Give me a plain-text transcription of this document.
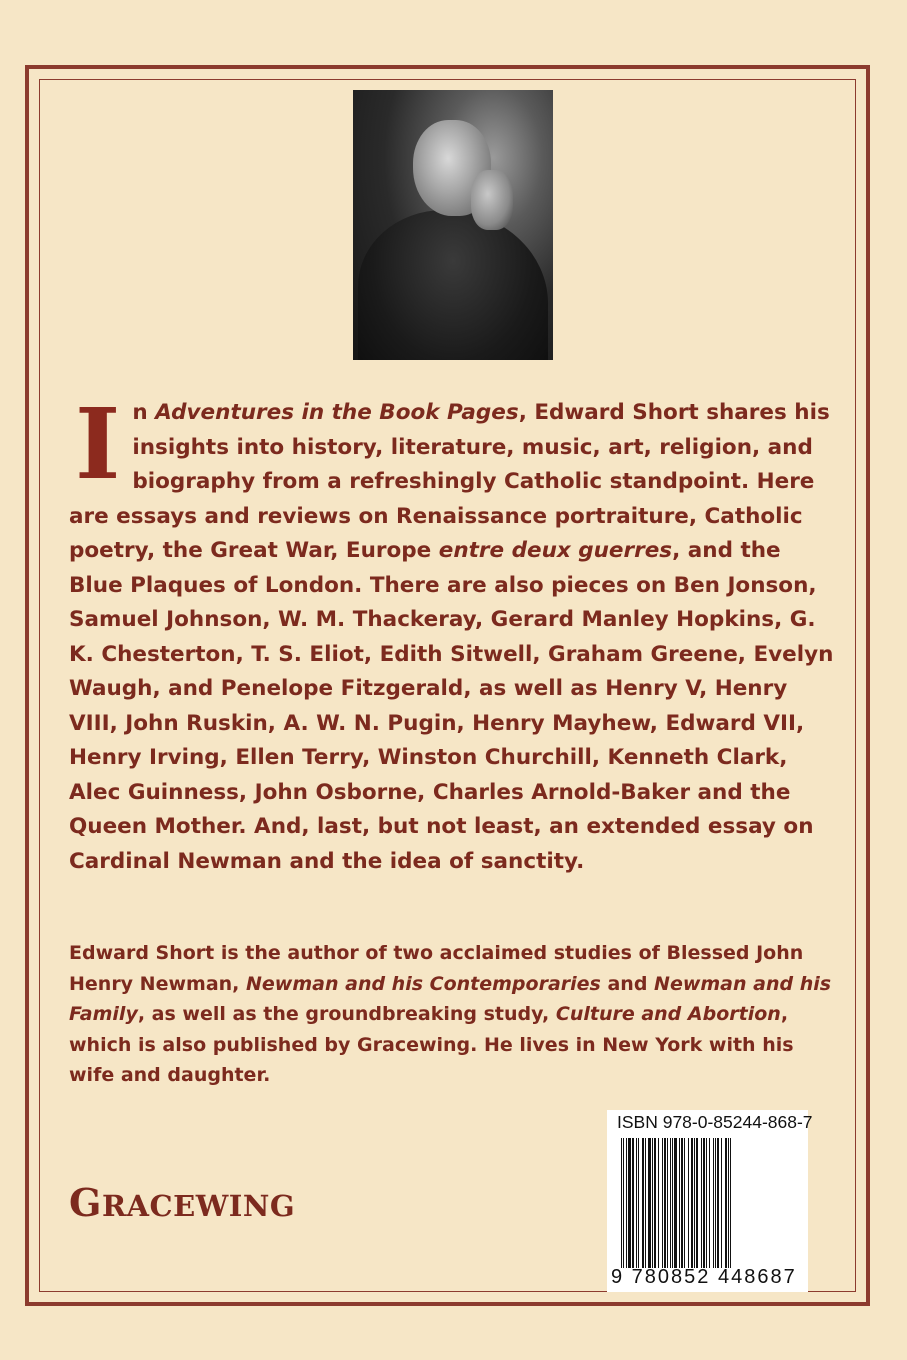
In Adventures in the Book Pages, Edward Short shares his insights into history, literature, music, art, religion, and biography from a refreshingly Catholic standpoint. Here are essays and reviews on Renaissance portraiture, Catholic poetry, the Great War, Europe entre deux guerres, and the Blue Plaques of London. There are also pieces on Ben Jonson, Samuel Johnson, W. M. Thackeray, Gerard Manley Hopkins, G. K. Chesterton, T. S. Eliot, Edith Sitwell, Graham Greene, Evelyn Waugh, and Penelope Fitzgerald, as well as Henry V, Henry VIII, John Ruskin, A. W. N. Pugin, Henry Mayhew, Edward VII, Henry Irving, Ellen Terry, Winston Churchill, Kenneth Clark, Alec Guinness, John Osborne, Charles Arnold-Baker and the Queen Mother. And, last, but not least, an extended essay on Cardinal Newman and the idea of sanctity.

Edward Short is the author of two acclaimed studies of Blessed John Henry Newman, Newman and his Contemporaries and Newman and his Family, as well as the groundbreaking study, Culture and Abortion, which is also published by Gracewing. He lives in New York with his wife and daughter.

GRACEWING
ISBN 978-0-85244-868-7
9 780852 448687
